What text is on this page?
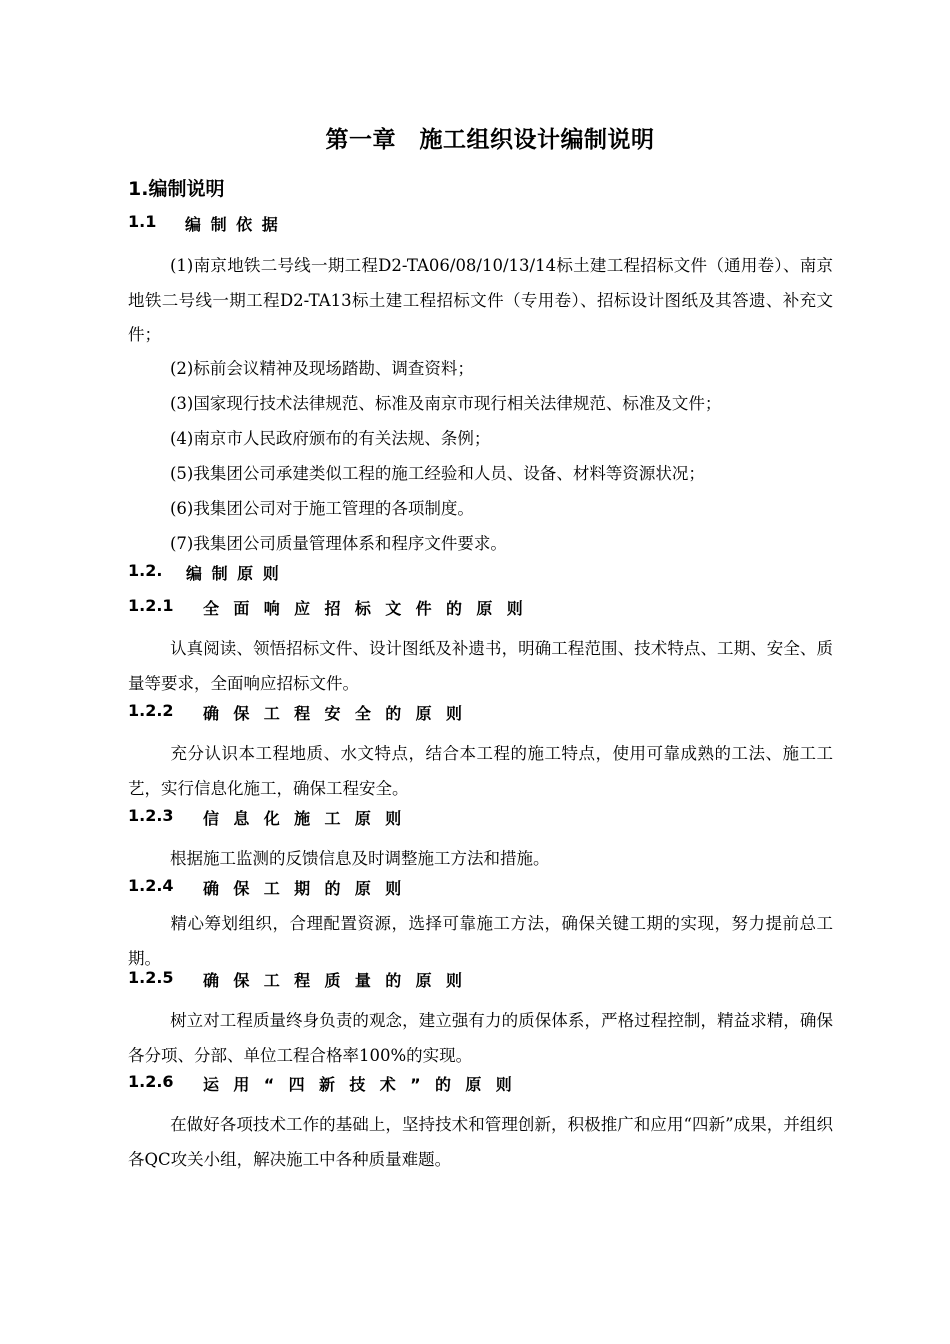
第一章　施工组织设计编制说明
1.编制说明
1.1 编 制 依 据
(1)南京地铁二号线一期工程D2-TA06/08/10/13/14标土建工程招标文件（通用卷）、南京地铁二号线一期工程D2-TA13标土建工程招标文件（专用卷）、招标设计图纸及其答遗、补充文件；
(2)标前会议精神及现场踏勘、调查资料；
(3)国家现行技术法律规范、标准及南京市现行相关法律规范、标准及文件；
(4)南京市人民政府颁布的有关法规、条例；
(5)我集团公司承建类似工程的施工经验和人员、设备、材料等资源状况；
(6)我集团公司对于施工管理的各项制度。
(7)我集团公司质量管理体系和程序文件要求。
1.2. 编 制 原 则
1.2.1 全 面 响 应 招 标 文 件 的 原 则
认真阅读、领悟招标文件、设计图纸及补遗书，明确工程范围、技术特点、工期、安全、质量等要求，全面响应招标文件。
1.2.2 确 保 工 程 安 全 的 原 则
充分认识本工程地质、水文特点，结合本工程的施工特点，使用可靠成熟的工法、施工工艺，实行信息化施工，确保工程安全。
1.2.3 信 息 化 施 工 原 则
根据施工监测的反馈信息及时调整施工方法和措施。
1.2.4 确 保 工 期 的 原 则
精心筹划组织，合理配置资源，选择可靠施工方法，确保关键工期的实现，努力提前总工期。
1.2.5 确 保 工 程 质 量 的 原 则
树立对工程质量终身负责的观念，建立强有力的质保体系，严格过程控制，精益求精，确保各分项、分部、单位工程合格率100%的实现。
1.2.6 运 用 “ 四 新 技 术 ” 的 原 则
在做好各项技术工作的基础上，坚持技术和管理创新，积极推广和应用“四新”成果，并组织各QC攻关小组，解决施工中各种质量难题。
